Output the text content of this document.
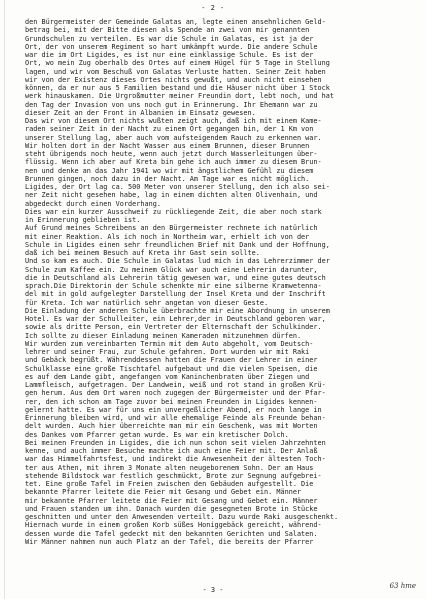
- 2 -
den Bürgermeister der Gemeinde Galatas an, legte einen ansehnlichen Geld-
betrag bei, mit der Bitte diesen als Spende an zwei von mir genannten
Grundschulen zu verteilen. Es war die Schule in Galatas, es ist ja der
Ort, der von unserem Regiment so hart umkämpft wurde. Die andere Schule
war die im Ort Ligides, es ist nur eine einklassige Schule. Es ist der
Ort, wo mein Zug oberhalb des Ortes auf einem Hügel für 5 Tage in Stellung
lagen, und wir vom Beschuß von Galatas Verluste hatten. Seiner Zeit haben
wir von der Existenz dieses Ortes nichts gewußt, und auch nicht einsehen
können, da er nur aus 5 Familien bestand und die Häuser nicht über 1 Stock
werk hinauskamen. Die Urgroßmutter meiner Freundin dort, lebt noch, und hat
den Tag der Invasion von uns noch gut in Erinnerung. Ihr Ehemann war zu
dieser Zeit an der Front in Albanien im Einsatz gewesen.
Das wir von diesem Ort nichts wußten zeigt auch, daß ich mit einem Kame-
raden seiner Zeit in der Nacht zu einem Ort gegangen bin, der 1 Km von
unserer Stellung lag, aber auch vom aufsteigendem Rauch zu erkennen war.
Wir holten dort in der Nacht Wasser aus einem Brunnen, dieser Brunnen
steht übrigends noch heute, wenn auch jetzt durch Wasserleitungen über-
flüssig. Wenn ich aber auf Kreta bin gehe ich auch immer zu diesem Brun-
nen und denke an das Jahr 1941 wo wir mit ängstlichem Gefühl zu diesem
Brunnen gingen, noch dazu in der Nacht. Am Tage war es nicht möglich.
Ligides, der Ort lag ca. 500 Meter von unserer Stellung, den ich also sei-
ner Zeit nicht gesehen habe, lag in einem dichten alten Olivenhain, und
abgedeckt durch einen Vorderhang.
Dies war ein kurzer Ausschweif zu rückliegende Zeit, die aber noch stark
in Erinnerung geblieben ist.
Auf Grund meines Schreibens an den Bürgermeister rechnete ich natürlich
mit einer Reaktion. Als ich noch in Northeim war, erhielt ich von der
Schule in Ligides einen sehr freundlichen Brief mit Dank und der Hoffnung,
daß ich bei meinem Besuch auf Kreta ihr Gast sein sollte.
Und so kam es auch. Die Schule in Galatas lud mich in das Lehrerzimmer der
Schule zum Kaffee ein. Zu meinem Glück war auch eine Lehrerin darunter,
die in Deutschland als Lehrerin tätig gewesen war, und eine gutes deutsch
sprach.Die Direktorin der Schule schenkte mir eine silberne Kramwetenna-
del mit in gold aufgelegter Darstellung der Insel Kreta und der Inschrift
für Kreta. Ich war natürlich sehr angetan von dieser Geste.
Die Einladung der anderen Schule überbrachte mir eine Abordnung in unserem
Hotel. Es war der Schulleiter, ein Lehrer,der in Deutschland geboren war,
sowie als dritte Person, ein Vertreter der Elternschaft der Schulkinder.
Ich sollte zu dieser Einladung meinen Kameraden mitzunehmen dürfen.
Wir wurden zum vereinbarten Termin mit dem Auto abgeholt, vom Deutsch-
lehrer und seiner Frau, zur Schule gefahren. Dort wurden wir mit Raki
und Gebäck begrüßt. Währenddessen hatten die Frauen der Lehrer in einer
Schulklasse eine große Tischtafel aufgebaut und die vielen Speisen, die
es auf dem Lande gibt, angefangen vom Kaninchenbraten über Ziegen und
Lammfleisch, aufgetragen. Der Landwein, weiß und rot stand in großen Krü-
gen herum. Aus dem Ort waren noch zugegen der Bürgermeister und der Pfar-
rer, den ich schon am Tage zuvor bei meinen Freunden in Ligides kennen-
gelernt hatte. Es war für uns ein unvergeßlicher Abend, er noch lange in
Erinnerung bleiben wird, und wir alle ehemalige Feinde als Freunde behan-
delt wurden. Auch hier überreichte man mir ein Geschenk, was mit Worten
des Dankes vom Pfarrer getan wurde. Es war ein kretischer Dolch.
Bei meinen Freunden in Ligides, die ich nun schon seit vielen Jahrzehnten
kenne, und auch immer Besuche machte ich auch eine Feier mit. Der Anlaß
war das Himmelfahrtsfest, und indirekt die Anwesenheit der ältesten Toch-
ter aus Athen, mit ihrem 3 Monate alten neugeborenem Sohn. Der am Haus
stehende Bildstock war festlich geschmückt, Brote zur Segnung aufgebrei-
tet. Eine große Tafel im Freien zwischen den Gebäuden aufgestellt. Die
bekannte Pfarrer leitete die Feier mit Gesang und Gebet ein. Männer
mir bekannte Pfarrer leitete die Feier mit Gesang und Gebet ein. Männer
und Frauen standen um ihn. Danach wurden die gesegneten Brote in Stücke
geschnitten und unter den Anwesenden verteilt. Dazu wurde Raki ausgeschenkt.
Hiernach wurde in einem großen Korb süßes Honiggebäck gereicht, während-
dessen wurde die Tafel gedeckt mit den bekannten Gerichten und Salaten.
Wir Männer nahmen nun auch Platz an der Tafel, die bereits der Pfarrer
- 3 -	63 hme
